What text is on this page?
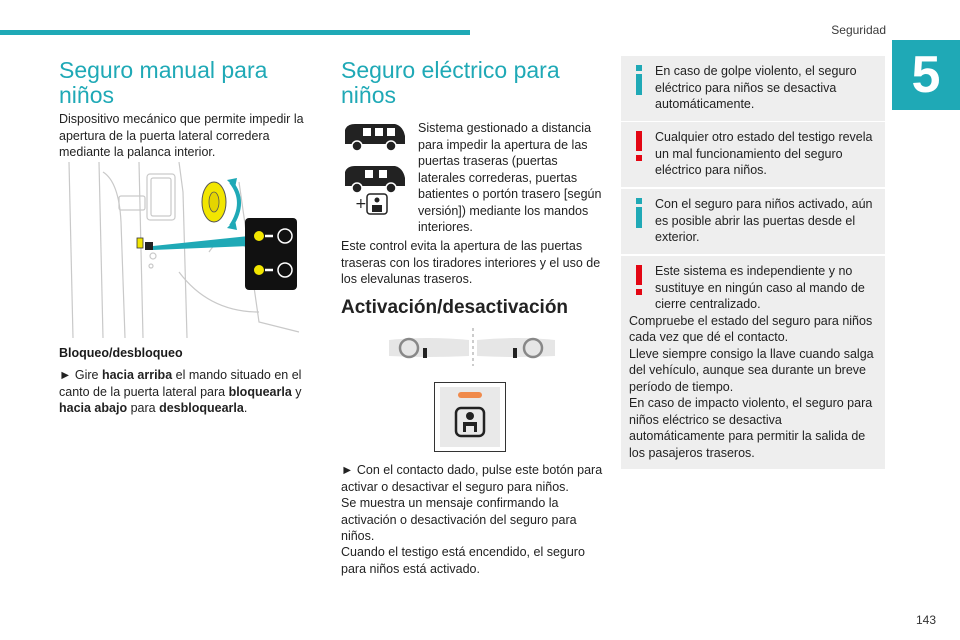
Seguridad
5
Seguro manual para niños

Dispositivo mecánico que permite impedir la apertura de la puerta lateral corredera mediante la palanca interior.

Bloqueo/desbloqueo

► Gire hacia arriba el mando situado en el canto de la puerta lateral para bloquearla y hacia abajo para desbloquearla.

Seguro eléctrico para niños
+

Sistema gestionado a distancia para impedir la apertura de las puertas traseras (puertas laterales correderas, puertas batientes o portón trasero [según versión]) mediante los mandos interiores.

Este control evita la apertura de las puertas traseras con los tiradores interiores y el uso de los elevalunas traseros.

Activación/desactivación

► Con el contacto dado, pulse este botón para activar o desactivar el seguro para niños.

Se muestra un mensaje confirmando la activación o desactivación del seguro para niños.

Cuando el testigo está encendido, el seguro para niños está activado.

En caso de golpe violento, el seguro eléctrico para niños se desactiva automáticamente.
Cualquier otro estado del testigo revela un mal funcionamiento del seguro eléctrico para niños.
Con el seguro para niños activado, aún es posible abrir las puertas desde el exterior.

Este sistema es independiente y no sustituye en ningún caso al mando de cierre centralizado.

Compruebe el estado del seguro para niños cada vez que dé el contacto.

Lleve siempre consigo la llave cuando salga del vehículo, aunque sea durante un breve período de tiempo.

En caso de impacto violento, el seguro para niños eléctrico se desactiva automáticamente para permitir la salida de los pasajeros traseros.

143
